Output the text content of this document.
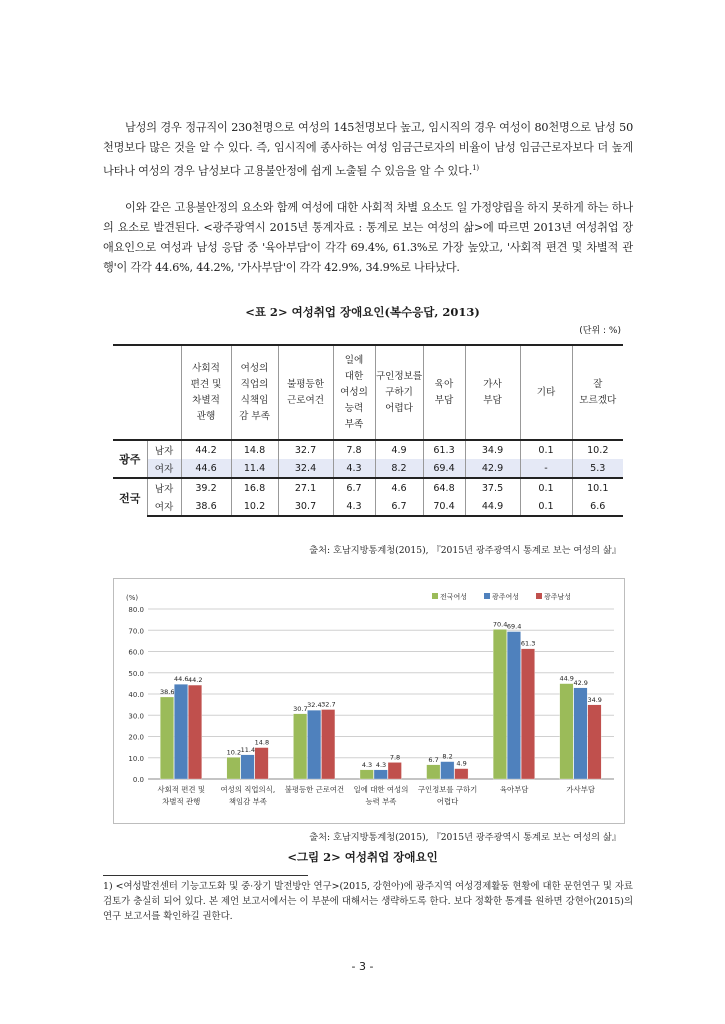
남성의 경우 정규직이 230천명으로 여성의 145천명보다 높고, 임시직의 경우 여성이 80천명으로 남성 50천명보다 많은 것을 알 수 있다. 즉, 임시직에 종사하는 여성 임금근로자의 비율이 남성 임금근로자보다 더 높게 나타나 여성의 경우 남성보다 고용불안정에 쉽게 노출될 수 있음을 알 수 있다.$^{1)}$
이와 같은 고용불안정의 요소와 함께 여성에 대한 사회적 차별 요소도 일 가정양립을 하지 못하게 하는 하나의 요소로 발견된다. <광주광역시 2015년 통계자료 : 통계로 보는 여성의 삶>에 따르면 2013년 여성취업 장애요인으로 여성과 남성 응답 중 '육아부담'이 각각 69.4%, 61.3%로 가장 높았고, '사회적 편견 및 차별적 관행'이 각각 44.6%, 44.2%, '가사부담'이 각각 42.9%, 34.9%로 나타났다.
<표 2> 여성취업 장애요인(복수응답, 2013)
(단위 : %)
		사회적
편견 및
차별적
관행	여성의
직업의
식책임
감 부족	불평등한
근로여건	일에
대한
여성의
능력
부족	구인정보를
구하기
어렵다	육아
부담	가사
부담	기타	잘
모르겠다
광주	남자	44.2	14.8	32.7	7.8	4.9	61.3	34.9	0.1	10.2
	여자	44.6	11.4	32.4	4.3	8.2	69.4	42.9	-	5.3
전국	남자	39.2	16.8	27.1	6.7	4.6	64.8	37.5	0.1	10.1
	여자	38.6	10.2	30.7	4.3	6.7	70.4	44.9	0.1	6.6
출처: 호남지방통계청(2015), 『2015년 광주광역시 통계로 보는 여성의 삶』
0.0
10.0
20.0
30.0
40.0
50.0
60.0
70.0
80.0
(%)
38.6
44.6 44.2
사회적 편견 및
차별적 관행
10.2 11.4
14.8
여성의 직업의식,
책임감 부족
30.7 32.4 32.7
불평등한 근로여건
4.3 4.3
7.8
일에 대한 여성의
능력 부족
6.7 8.2
4.9
구인정보를 구하기
어렵다
70.4 69.4
61.3
육아부담
44.9
42.9
34.9
가사부담
전국여성	광주여성	광주남성
출처: 호남지방통계청(2015), 『2015년 광주광역시 통계로 보는 여성의 삶』
<그림 2> 여성취업 장애요인
1) <여성발전센터 기능고도화 및 중·장기 발전방안 연구>(2015, 강현아)에 광주지역 여성경제활동 현황에 대한 문헌연구 및 자료 검토가 충실히 되어 있다. 본 제언 보고서에서는 이 부분에 대해서는 생략하도록 한다. 보다 정확한 통계를 원하면 강현아(2015)의 연구 보고서를 확인하길 권한다.
- 3 -
